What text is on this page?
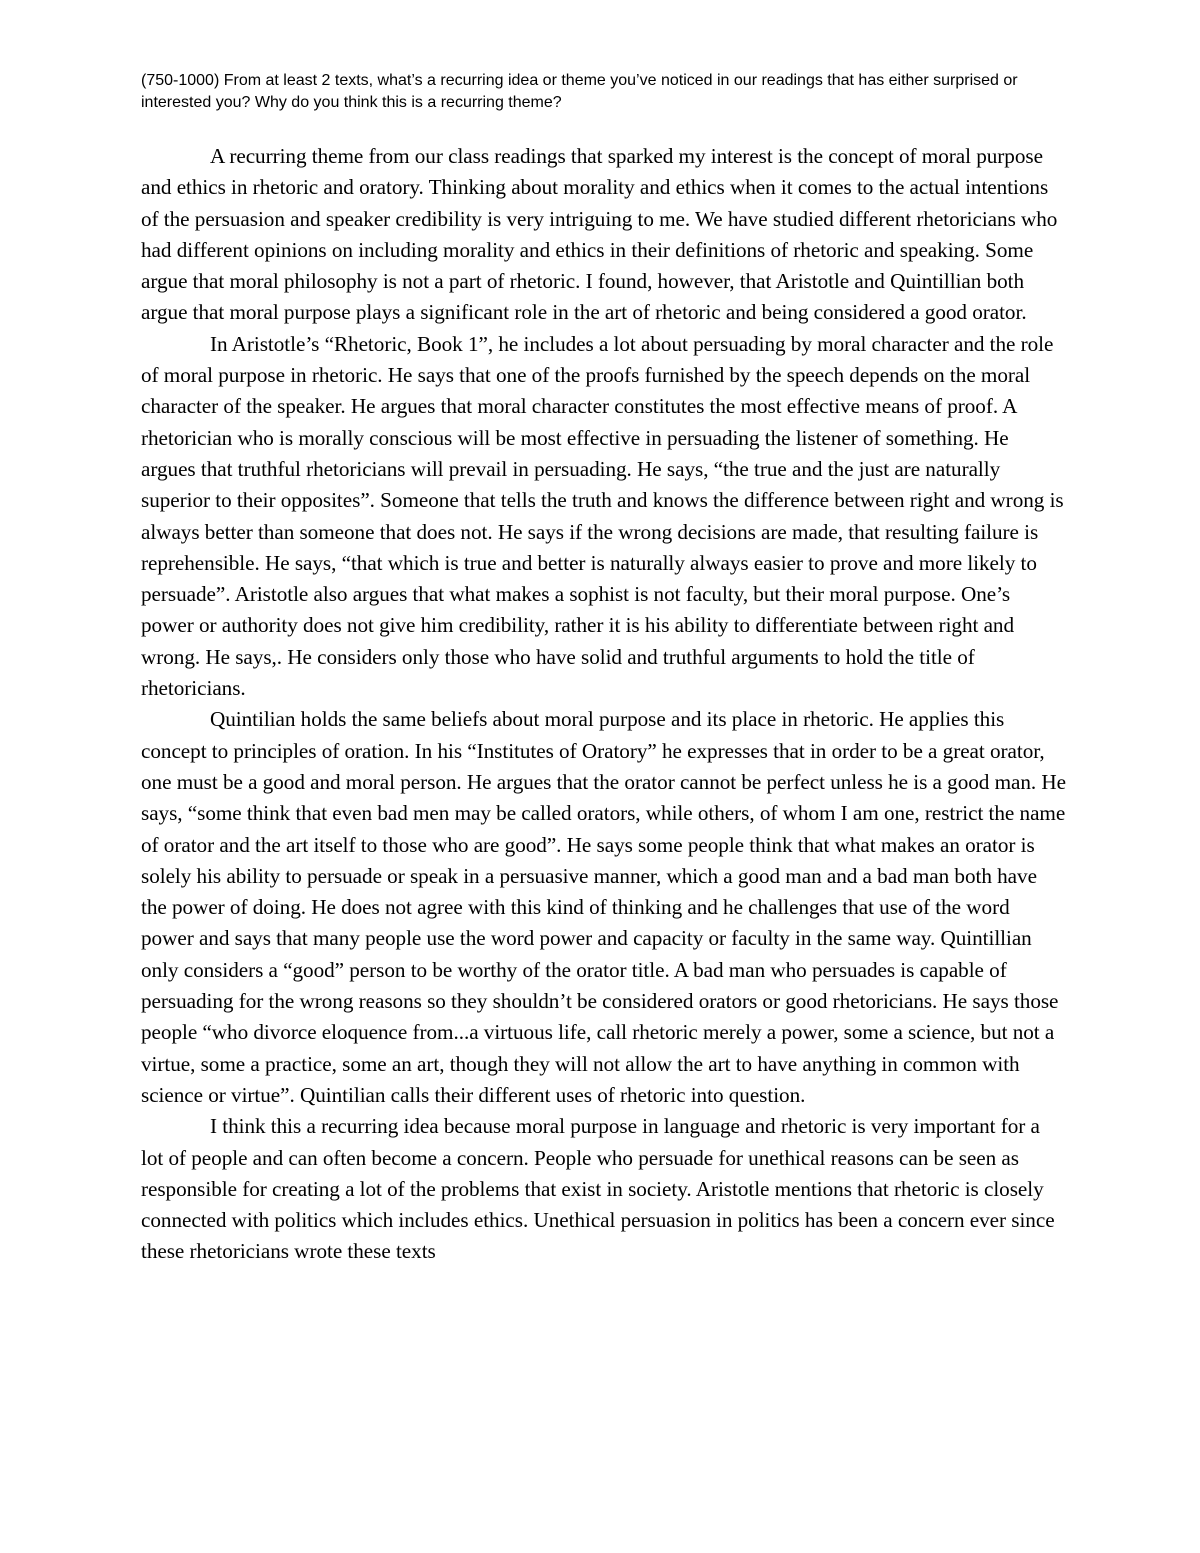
(750-1000) From at least 2 texts, what’s a recurring idea or theme you’ve noticed in our readings that has either surprised or interested you? Why do you think this is a recurring theme?

A recurring theme from our class readings that sparked my interest is the concept of moral purpose and ethics in rhetoric and oratory. Thinking about morality and ethics when it comes to the actual intentions of the persuasion and speaker credibility is very intriguing to me. We have studied different rhetoricians who had different opinions on including morality and ethics in their definitions of rhetoric and speaking. Some argue that moral philosophy is not a part of rhetoric. I found, however, that Aristotle and Quintillian both argue that moral purpose plays a significant role in the art of rhetoric and being considered a good orator.

In Aristotle’s “Rhetoric, Book 1”, he includes a lot about persuading by moral character and the role of moral purpose in rhetoric. He says that one of the proofs furnished by the speech depends on the moral character of the speaker. He argues that moral character constitutes the most effective means of proof. A rhetorician who is morally conscious will be most effective in persuading the listener of something. He argues that truthful rhetoricians will prevail in persuading. He says, “the true and the just are naturally superior to their opposites”. Someone that tells the truth and knows the difference between right and wrong is always better than someone that does not. He says if the wrong decisions are made, that resulting failure is reprehensible. He says, “that which is true and better is naturally always easier to prove and more likely to persuade”. Aristotle also argues that what makes a sophist is not faculty, but their moral purpose. One’s power or authority does not give him credibility, rather it is his ability to differentiate between right and wrong. He says,. He considers only those who have solid and truthful arguments to hold the title of rhetoricians.

Quintilian holds the same beliefs about moral purpose and its place in rhetoric. He applies this concept to principles of oration. In his “Institutes of Oratory” he expresses that in order to be a great orator, one must be a good and moral person. He argues that the orator cannot be perfect unless he is a good man. He says, “some think that even bad men may be called orators, while others, of whom I am one, restrict the name of orator and the art itself to those who are good”. He says some people think that what makes an orator is solely his ability to persuade or speak in a persuasive manner, which a good man and a bad man both have the power of doing. He does not agree with this kind of thinking and he challenges that use of the word power and says that many people use the word power and capacity or faculty in the same way. Quintillian only considers a “good” person to be worthy of the orator title. A bad man who persuades is capable of persuading for the wrong reasons so they shouldn’t be considered orators or good rhetoricians. He says those people “who divorce eloquence from...a virtuous life, call rhetoric merely a power, some a science, but not a virtue, some a practice, some an art, though they will not allow the art to have anything in common with science or virtue”. Quintilian calls their different uses of rhetoric into question.

I think this a recurring idea because moral purpose in language and rhetoric is very important for a lot of people and can often become a concern. People who persuade for unethical reasons can be seen as responsible for creating a lot of the problems that exist in society. Aristotle mentions that rhetoric is closely connected with politics which includes ethics. Unethical persuasion in politics has been a concern ever since these rhetoricians wrote these texts
